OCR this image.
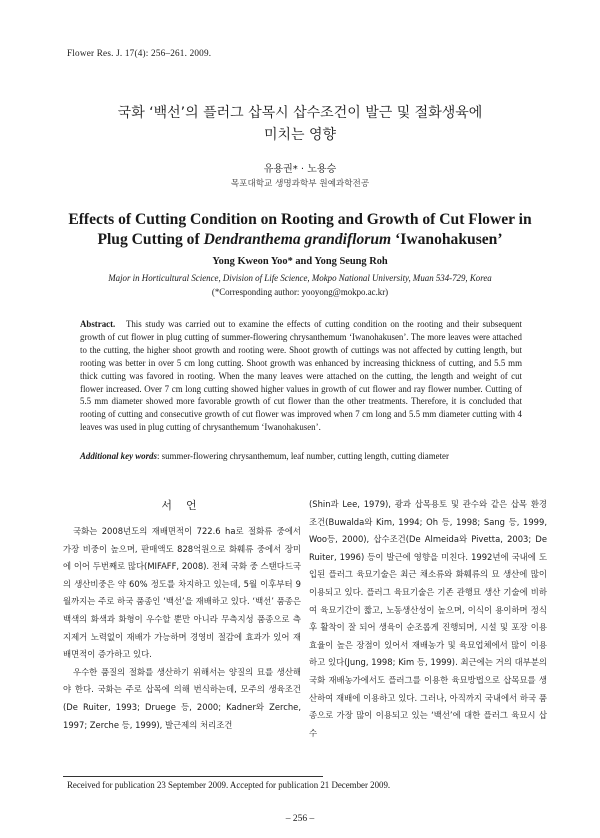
Flower Res. J. 17(4): 256–261. 2009.
국화 ‘백선’의 플러그 삽목시 삽수조건이 발근 및 절화생육에
미치는 영향
유용권* · 노용승
목포대학교 생명과학부 원예과학전공
Effects of Cutting Condition on Rooting and Growth of Cut Flower in
Plug Cutting of Dendranthema grandiflorum ‘Iwanohakusen’
Yong Kweon Yoo* and Yong Seung Roh
Major in Horticultural Science, Division of Life Science, Mokpo National University, Muan 534-729, Korea
(*Corresponding author: yooyong@mokpo.ac.kr)
Abstract. This study was carried out to examine the effects of cutting condition on the rooting and their subsequent growth of cut flower in plug cutting of summer-flowering chrysanthemum ‘Iwanohakusen’. The more leaves were attached to the cutting, the higher shoot growth and rooting were. Shoot growth of cuttings was not affected by cutting length, but rooting was better in over 5 cm long cutting. Shoot growth was enhanced by increasing thickness of cutting, and 5.5 mm thick cutting was favored in rooting. When the many leaves were attached on the cutting, the length and weight of cut flower increased. Over 7 cm long cutting showed higher values in growth of cut flower and ray flower number. Cutting of 5.5 mm diameter showed more favorable growth of cut flower than the other treatments. Therefore, it is concluded that rooting of cutting and consecutive growth of cut flower was improved when 7 cm long and 5.5 mm diameter cutting with 4 leaves was used in plug cutting of chrysanthemum ‘Iwanohakusen’.
Additional key words: summer-flowering chrysanthemum, leaf number, cutting length, cutting diameter
서언

국화는 2008년도의 재배면적이 722.6 ha로 절화류 중에서 가장 비중이 높으며, 판매액도 828억원으로 화훼류 중에서 장미에 이어 두번째로 많다(MIFAFF, 2008). 전체 국화 중 스탠다드국의 생산비중은 약 60% 정도를 차지하고 있는데, 5월 이후부터 9월까지는 주로 하국 품종인 ‘백선’을 재배하고 있다. ‘백선’ 품종은 백색의 화색과 화형이 우수할 뿐만 아니라 무측지성 품종으로 측지제거 노력없이 재배가 가능하며 경영비 절감에 효과가 있어 재배면적이 증가하고 있다.

우수한 품질의 절화를 생산하기 위해서는 양질의 묘를 생산해야 한다. 국화는 주로 삽목에 의해 번식하는데, 모주의 생육조건(De Ruiter, 1993; Druege 등, 2000; Kadner와 Zerche, 1997; Zerche 등, 1999), 발근제의 처리조건

(Shin과 Lee, 1979), 광과 삽목용토 및 관수와 같은 삽목 환경 조건(Buwalda와 Kim, 1994; Oh 등, 1998; Sang 등, 1999, Woo등, 2000), 삽수조건(De Almeida와 Pivetta, 2003; De Ruiter, 1996) 등이 발근에 영향을 미친다. 1992년에 국내에 도입된 플러그 육묘기술은 최근 채소류와 화훼류의 묘 생산에 많이 이용되고 있다. 플러그 육묘기술은 기존 관행묘 생산 기술에 비하여 육묘기간이 짧고, 노동생산성이 높으며, 이식이 용이하며 정식 후 활착이 잘 되어 생육이 순조롭게 진행되며, 시설 및 포장 이용효율이 높은 장점이 있어서 재배농가 및 육묘업체에서 많이 이용하고 있다(Jung, 1998; Kim 등, 1999). 최근에는 거의 대부분의 국화 재배농가에서도 플러그를 이용한 육묘방법으로 삽목묘를 생산하여 재배에 이용하고 있다. 그러나, 아직까지 국내에서 하국 품종으로 가장 많이 이용되고 있는 ‘백선’에 대한 플러그 육묘시 삽수

Received for publication 23 September 2009. Accepted for publication 21 December 2009.
– 256 –
